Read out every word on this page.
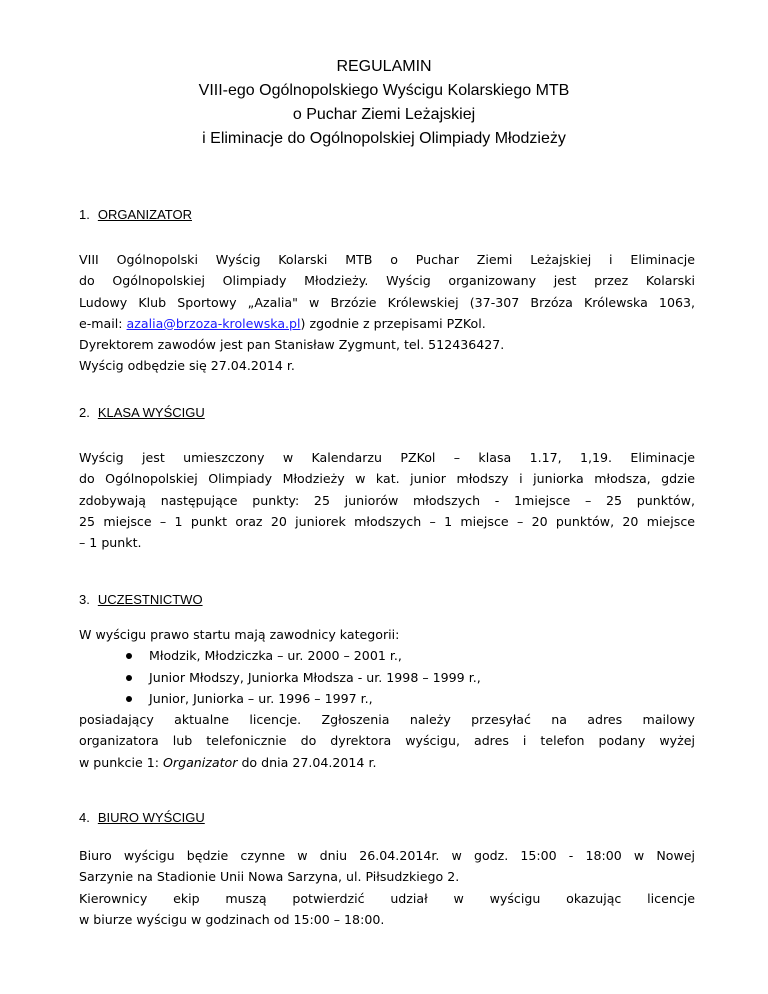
REGULAMIN
VIII-ego Ogólnopolskiego Wyścigu Kolarskiego MTB
o Puchar Ziemi Leżajskiej
i Eliminacje do Ogólnopolskiej Olimpiady Młodzieży
1. ORGANIZATOR
VIII Ogólnopolski Wyścig Kolarski MTB o Puchar Ziemi Leżajskiej i Eliminacje
do Ogólnopolskiej Olimpiady Młodzieży. Wyścig organizowany jest przez Kolarski
Ludowy Klub Sportowy „Azalia" w Brzózie Królewskiej (37-307 Brzóza Królewska 1063,
e-mail: azalia@brzoza-krolewska.pl) zgodnie z przepisami PZKol.
Dyrektorem zawodów jest pan Stanisław Zygmunt, tel. 512436427.
Wyścig odbędzie się 27.04.2014 r.
2. KLASA WYŚCIGU
Wyścig jest umieszczony w Kalendarzu PZKol – klasa 1.17, 1,19. Eliminacje
do Ogólnopolskiej Olimpiady Młodzieży w kat. junior młodszy i juniorka młodsza, gdzie
zdobywają następujące punkty: 25 juniorów młodszych - 1miejsce – 25 punktów,
25 miejsce – 1 punkt oraz 20 juniorek młodszych – 1 miejsce – 20 punktów, 20 miejsce
– 1 punkt.
3. UCZESTNICTWO
W wyścigu prawo startu mają zawodnicy kategorii:
Młodzik, Młodziczka – ur. 2000 – 2001 r.,
Junior Młodszy, Juniorka Młodsza - ur. 1998 – 1999 r.,
Junior, Juniorka – ur. 1996 – 1997 r.,
posiadający aktualne licencje. Zgłoszenia należy przesyłać na adres mailowy
organizatora lub telefonicznie do dyrektora wyścigu, adres i telefon podany wyżej
w punkcie 1: Organizator do dnia 27.04.2014 r.
4. BIURO WYŚCIGU
Biuro wyścigu będzie czynne w dniu 26.04.2014r. w godz. 15:00 - 18:00 w Nowej
Sarzynie na Stadionie Unii Nowa Sarzyna, ul. Piłsudzkiego 2.
Kierownicy ekip muszą potwierdzić udział w wyścigu okazując licencje
w biurze wyścigu w godzinach od 15:00 – 18:00.
